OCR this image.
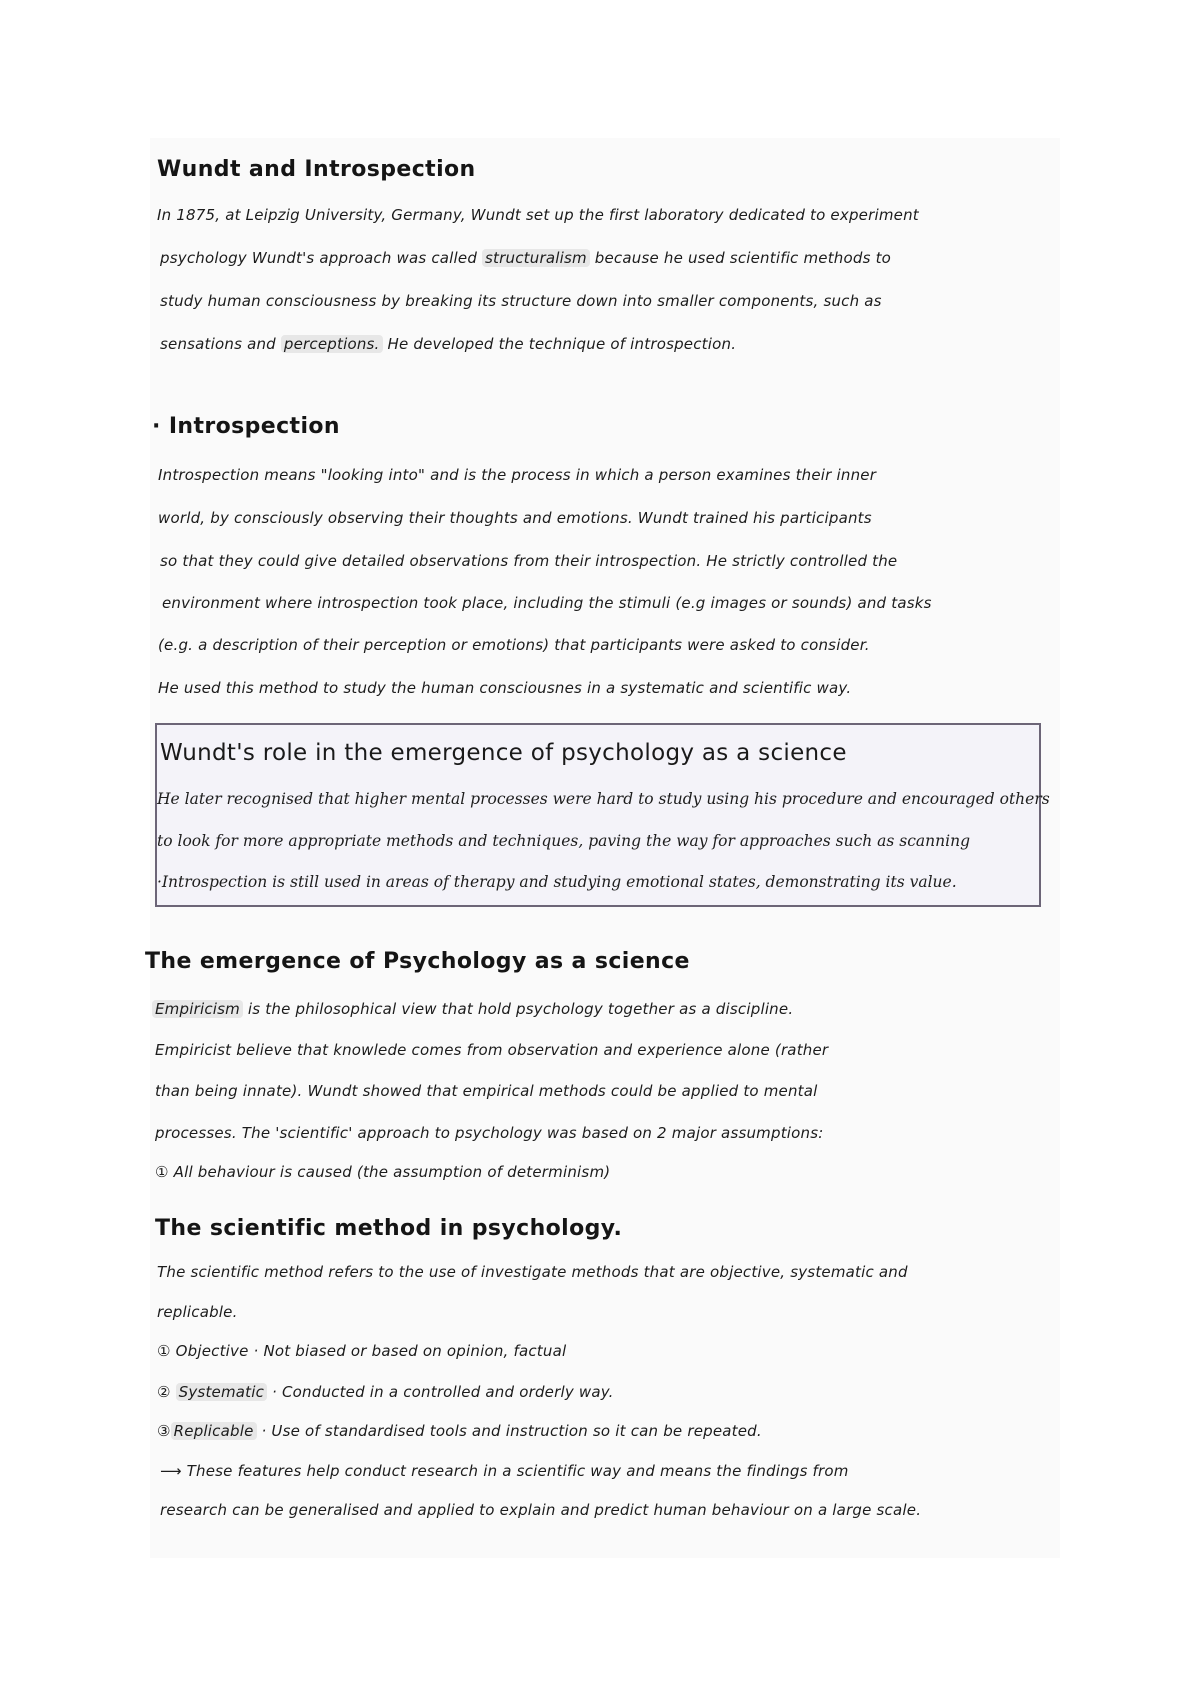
Wundt and Introspection
In 1875, at Leipzig University, Germany, Wundt set up the first laboratory dedicated to experiment
psychology Wundt's approach was called structuralism because he used scientific methods to
study human consciousness by breaking its structure down into smaller components, such as
sensations and perceptions. He developed the technique of introspection.
· Introspection
Introspection means "looking into" and is the process in which a person examines their inner
world, by consciously observing their thoughts and emotions. Wundt trained his participants
so that they could give detailed observations from their introspection. He strictly controlled the
environment where introspection took place, including the stimuli (e.g images or sounds) and tasks
(e.g. a description of their perception or emotions) that participants were asked to consider.
He used this method to study the human consciousnes in a systematic and scientific way.
Wundt's role in the emergence of psychology as a science
He later recognised that higher mental processes were hard to study using his procedure and encouraged others
to look for more appropriate methods and techniques, paving the way for approaches such as scanning
·Introspection is still used in areas of therapy and studying emotional states, demonstrating its value.
The emergence of Psychology as a science
Empiricism is the philosophical view that hold psychology together as a discipline.
Empiricist believe that knowlede comes from observation and experience alone (rather
than being innate). Wundt showed that empirical methods could be applied to mental
processes. The 'scientific' approach to psychology was based on 2 major assumptions:
① All behaviour is caused (the assumption of determinism)
The scientific method in psychology.
The scientific method refers to the use of investigate methods that are objective, systematic and
replicable.
① Objective · Not biased or based on opinion, factual
② Systematic · Conducted in a controlled and orderly way.
③ Replicable · Use of standardised tools and instruction so it can be repeated.
⟶ These features help conduct research in a scientific way and means the findings from
research can be generalised and applied to explain and predict human behaviour on a large scale.
